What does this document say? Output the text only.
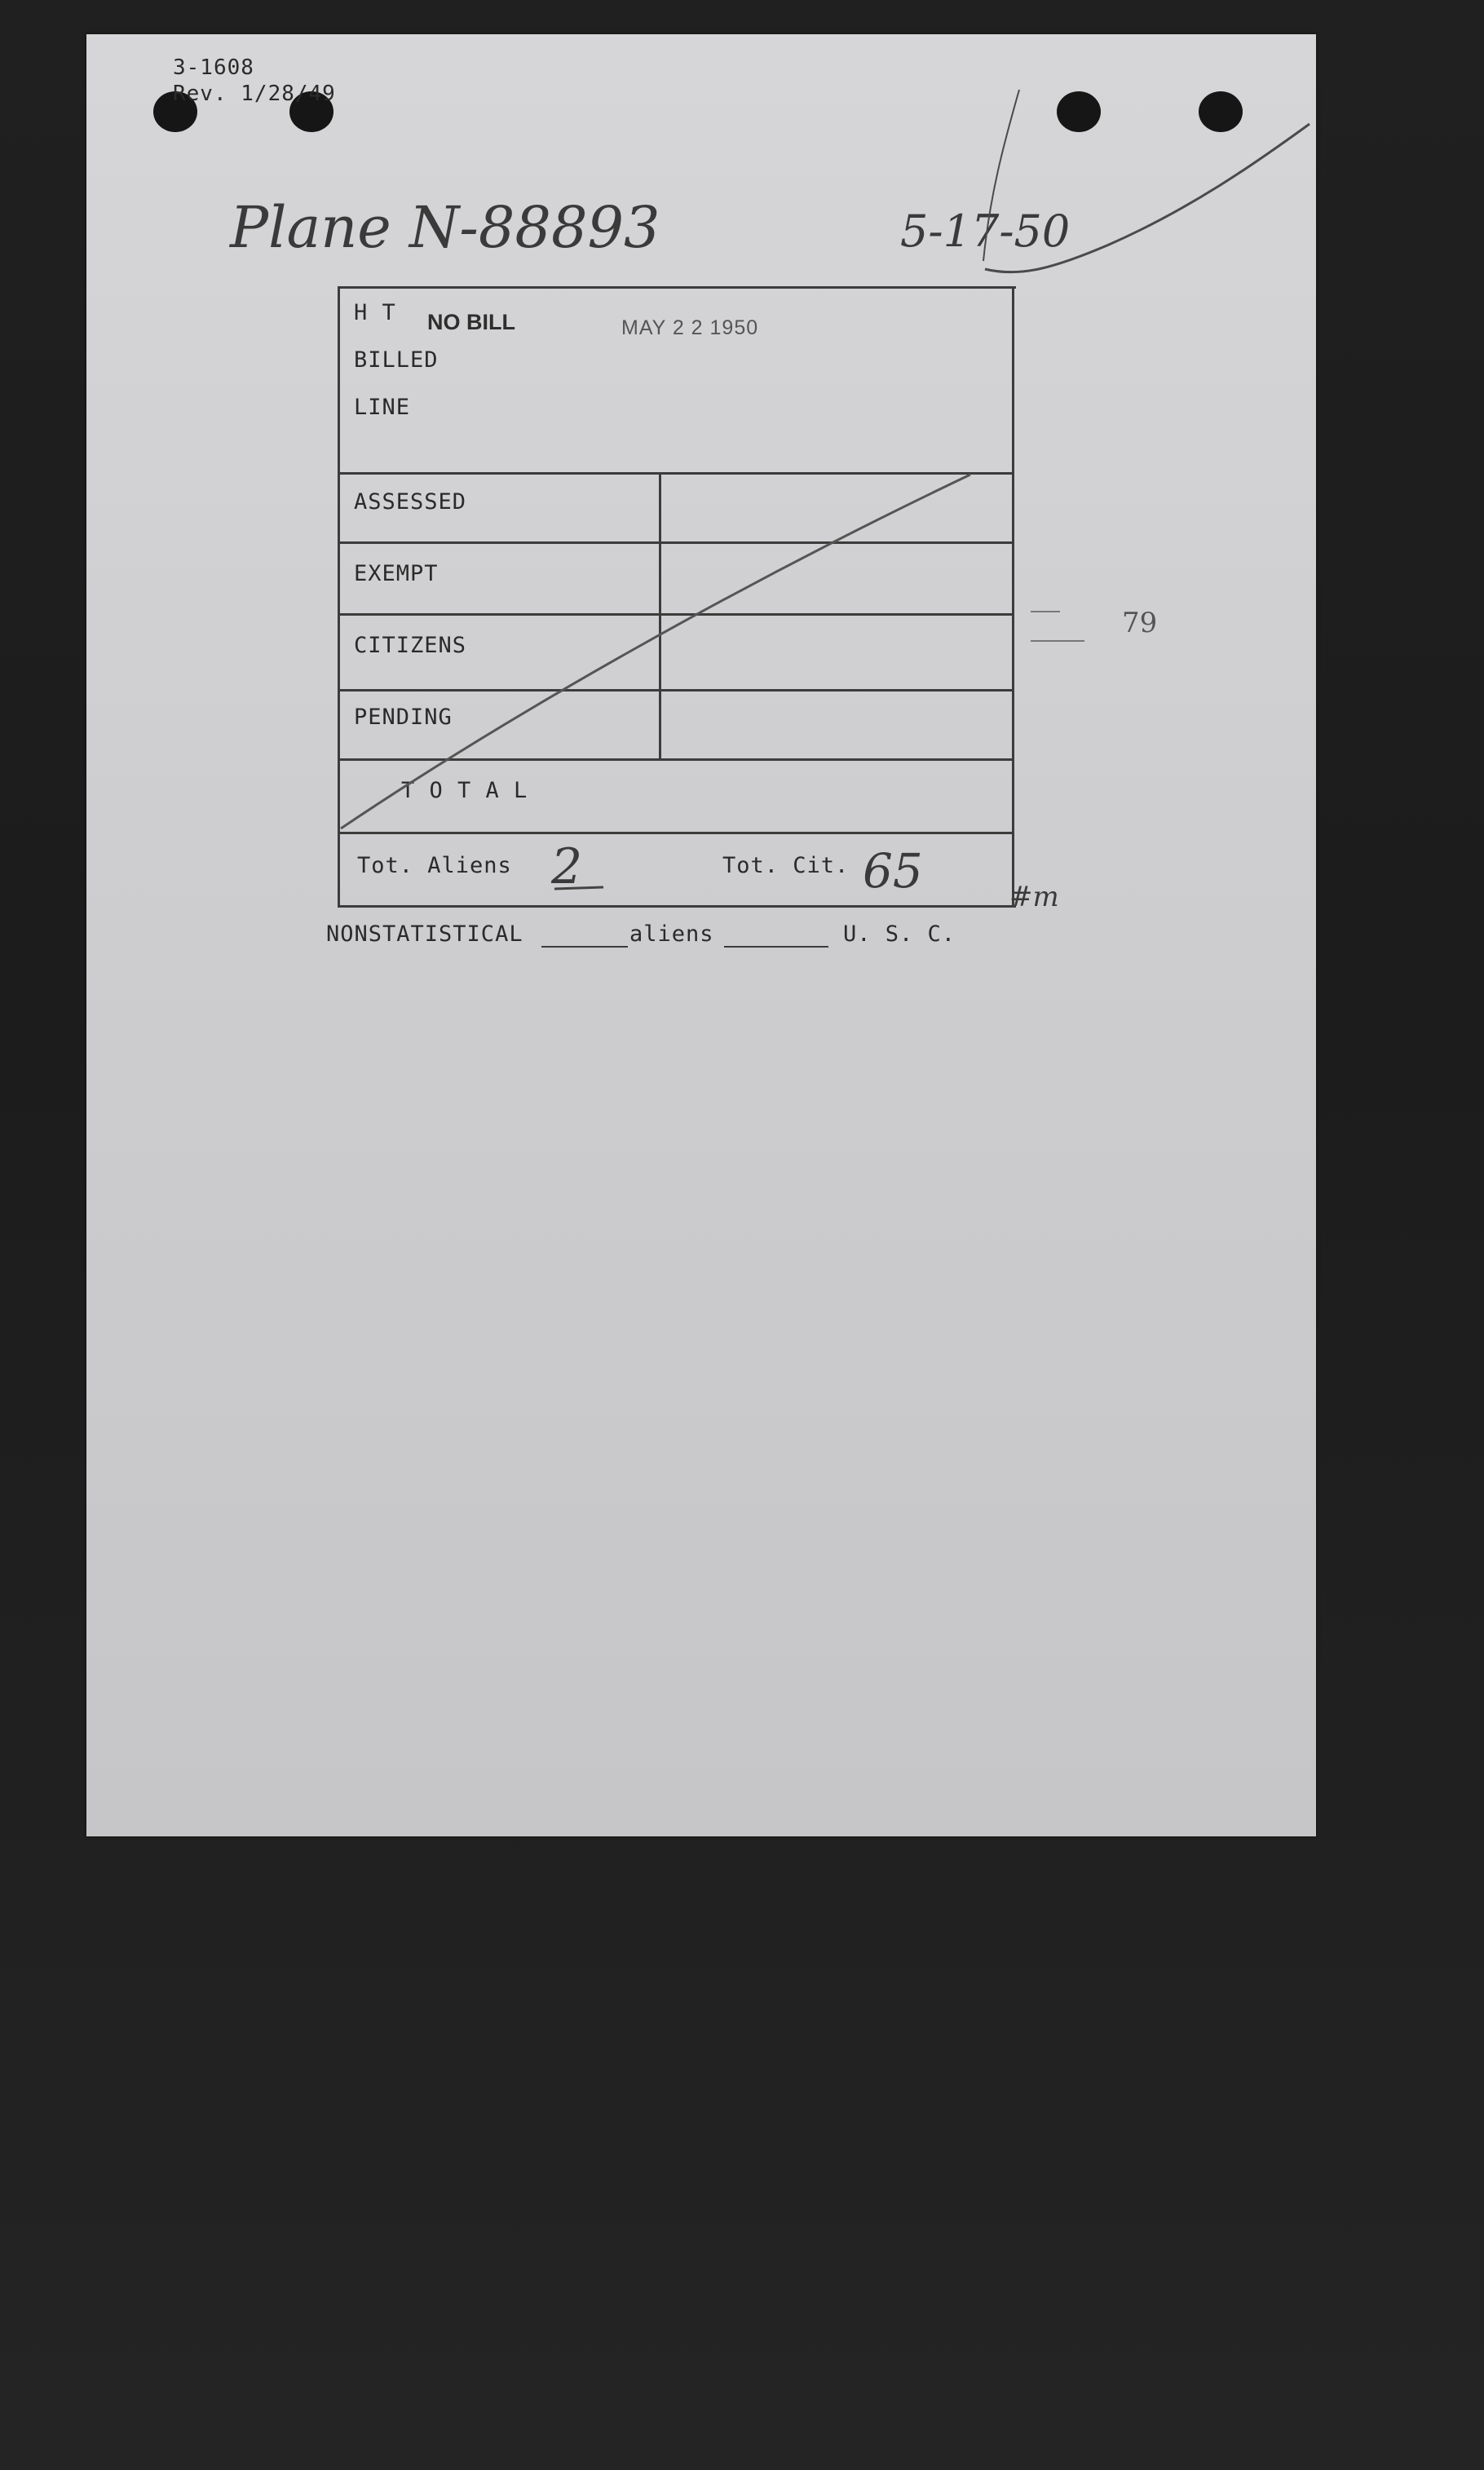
3-1608
Rev. 1/28/49
Plane N-88893	5-17-50
H T
BILLED
LINE
NO BILL	MAY 2 2 1950
ASSESSED
EXEMPT
CITIZENS
PENDING
T O T A L
Tot. Aliens 2	Tot. Cit. 65	#m
NONSTATISTICAL	aliens	U. S. C.
79
